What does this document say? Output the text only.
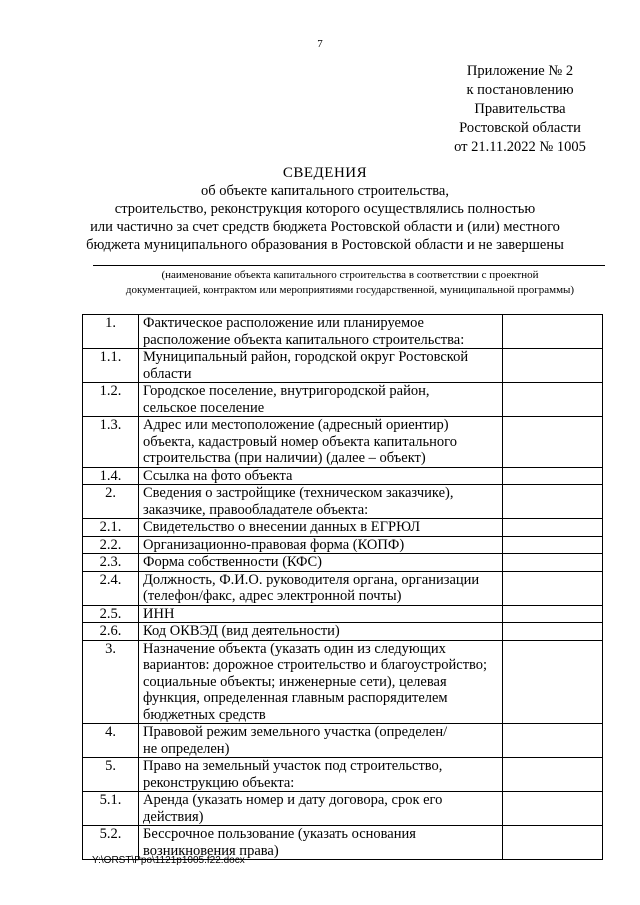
7
Приложение № 2
к постановлению
Правительства
Ростовской области
от 21.11.2022 № 1005
СВЕДЕНИЯ
об объекте капитального строительства,
строительство, реконструкция которого осуществлялись полностью
или частично за счет средств бюджета Ростовской области и (или) местного
бюджета муниципального образования в Ростовской области и не завершены
(наименование объекта капитального строительства в соответствии с проектной
документацией, контрактом или мероприятиями государственной, муниципальной программы)
1.	Фактическое расположение или планируемое
расположение объекта капитального строительства:	

1.1.	Муниципальный район, городской округ Ростовской
области	

1.2.	Городское поселение, внутригородской район,
сельское поселение	

1.3.	Адрес или местоположение (адресный ориентир)
объекта, кадастровый номер объекта капитального
строительства (при наличии) (далее – объект)	

1.4.	Ссылка на фото объекта	

2.	Сведения о застройщике (техническом заказчике),
заказчике, правообладателе объекта:	

2.1.	Свидетельство о внесении данных в ЕГРЮЛ	

2.2.	Организационно-правовая форма (КОПФ)	

2.3.	Форма собственности (КФС)	

2.4.	Должность, Ф.И.О. руководителя органа, организации
(телефон/факс, адрес электронной почты)	

2.5.	ИНН	

2.6.	Код ОКВЭД (вид деятельности)	

3.	Назначение объекта (указать один из следующих
вариантов: дорожное строительство и благоустройство;
социальные объекты; инженерные сети), целевая
функция, определенная главным распорядителем
бюджетных средств	

4.	Правовой режим земельного участка (определен/
не определен)	

5.	Право на земельный участок под строительство,
реконструкцию объекта:	

5.1.	Аренда (указать номер и дату договора, срок его
действия)	

5.2.	Бессрочное пользование (указать основания
возникновения права)	

Y:\ORST\Ppo\1121p1005.f22.docx
